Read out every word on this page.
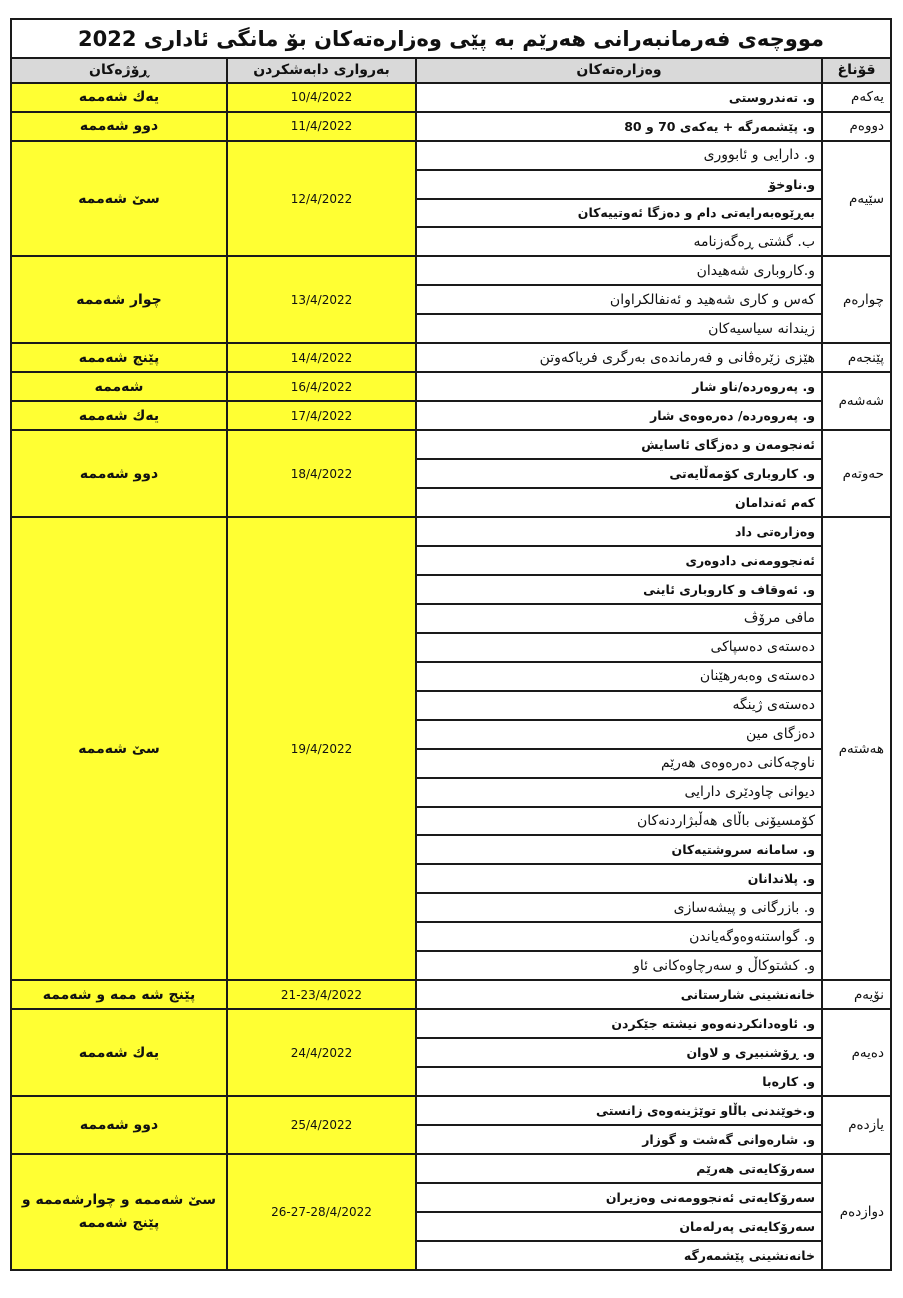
مووچەی فەرمانبەرانی هەرێم بە پێی وەزارەتەکان بۆ مانگی ئاداری 2022			
ڕۆژەکان	بەرواری دابەشکردن	وەزارەتەکان	قۆناغ
یەك شەممە	10/4/2022	و. تەندروستی	یەکەم
دوو شەممە	11/4/2022	و. پێشمەرگە + یەکەی 70 و 80	دووەم
سێ شەممە	12/4/2022	و. دارایی و ئابووری	سێیەم
		و.ناوخۆ	
		بەڕێوەبەرایەتی دام و دەزگا ئەوتییەکان	
		ب. گشتی ڕەگەزنامە	
چوار شەممە	13/4/2022	و.کاروباری شەهیدان	چوارەم
		کەس و کاری شەهید و ئەنفالکراوان	
		زیندانە سیاسیەکان	
پێنج شەممە	14/4/2022	هێزی زێرەڤانی و فەرمانده‌ی بەرگری فریاکەوتن	پێنجەم
شەممە	16/4/2022	و. پەروەردە/ناو شار	شەشەم
یەك شەممە	17/4/2022	و. پەروەردە/ دەرەوەی شار	
دوو شەممە	18/4/2022	ئەنجومەن و دەزگای ئاسایش	حەوتەم
		و. کاروباری کۆمەڵایەتی	
		کەم ئەندامان	
سێ شەممە	19/4/2022	وەزارەتی داد	هەشتەم
		ئەنجوومەنی دادوەری	
		و. ئەوقاف و کاروباری ئاینی	
		مافی مرۆڤ	
		دەستەی دەسپاکی	
		دەستەی وەبەرهێنان	
		دەستەی ژینگە	
		دەزگای مین	
		ناوچەکانی دەرەوەی هەرێم	
		دیوانی چاودێری دارایی	
		کۆمسیۆنی باڵای هەڵبژاردنەکان	
		و. سامانە سروشتیەکان	
		و. پلاندانان	
		و. بازرگانی و پیشەسازی	
		و. گواستنەوەوگەیاندن	
		و. کشتوکاڵ و سەرچاوەکانی ئاو	
پێنج شە ممە و شەممە	21-23/4/2022	خانەنشینی شارستانی	نۆیەم
یەك شەممە	24/4/2022	و. ئاوەدانکردنەوەو نیشتە جێکردن	دەیەم
		و. ڕۆشنبیری و لاوان	
		و. کارەبا	
دوو شەممە	25/4/2022	و.خوێندنی باڵاو توێژینەوەی زانستی	یازدەم
		و. شارەوانی گەشت و گوزار	
سێ شەممە و چوارشەممە و پێنج شەممە	26-27-28/4/2022	سەرۆکایەتی هەرێم	دوازدەم
		سەرۆکایەتی ئەنجوومەنی وەزیران	
		سەرۆکایەتی پەرلەمان	
		خانەنشینی پێشمەرگە	
